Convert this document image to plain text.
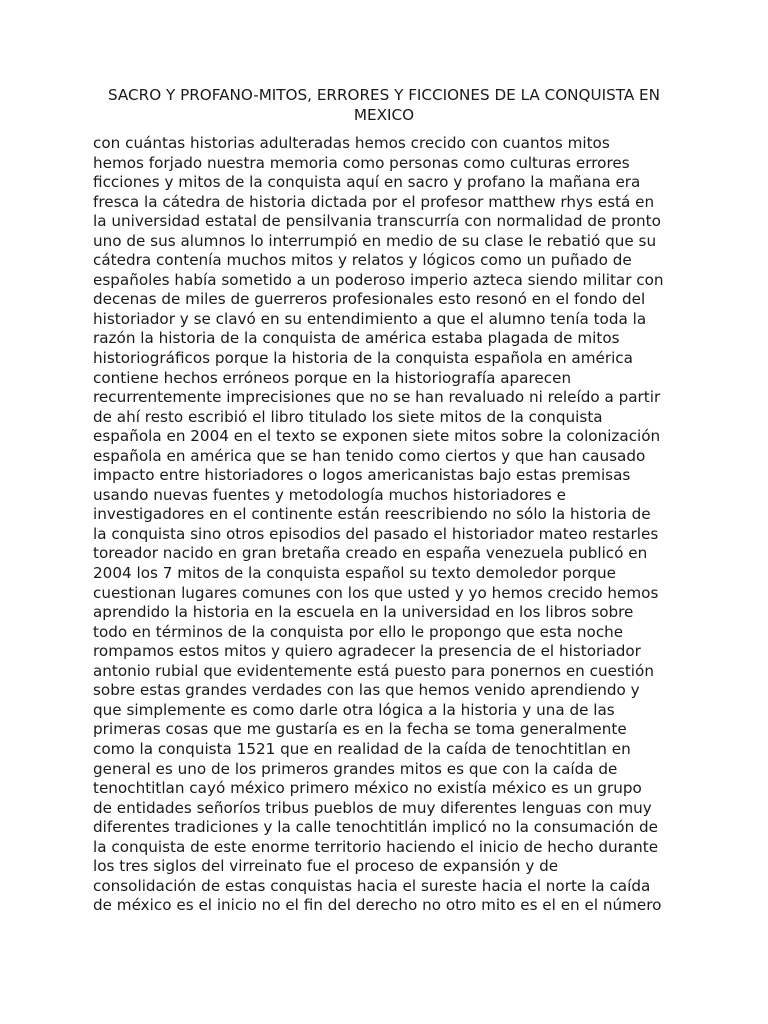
SACRO Y PROFANO-MITOS, ERRORES Y FICCIONES DE LA CONQUISTA EN MEXICO
con cuántas historias adulteradas hemos crecido con cuantos mitos
hemos forjado nuestra memoria como personas como culturas errores
ficciones y mitos de la conquista aquí en sacro y profano la mañana era
fresca la cátedra de historia dictada por el profesor matthew rhys está en
la universidad estatal de pensilvania transcurría con normalidad de pronto
uno de sus alumnos lo interrumpió en medio de su clase le rebatió que su
cátedra contenía muchos mitos y relatos y lógicos como un puñado de
españoles había sometido a un poderoso imperio azteca siendo militar con
decenas de miles de guerreros profesionales esto resonó en el fondo del
historiador y se clavó en su entendimiento a que el alumno tenía toda la
razón la historia de la conquista de américa estaba plagada de mitos
historiográficos porque la historia de la conquista española en américa
contiene hechos erróneos porque en la historiografía aparecen
recurrentemente imprecisiones que no se han revaluado ni releído a partir
de ahí resto escribió el libro titulado los siete mitos de la conquista
española en 2004 en el texto se exponen siete mitos sobre la colonización
española en américa que se han tenido como ciertos y que han causado
impacto entre historiadores o logos americanistas bajo estas premisas
usando nuevas fuentes y metodología muchos historiadores e
investigadores en el continente están reescribiendo no sólo la historia de
la conquista sino otros episodios del pasado el historiador mateo restarles
toreador nacido en gran bretaña creado en españa venezuela publicó en
2004 los 7 mitos de la conquista español su texto demoledor porque
cuestionan lugares comunes con los que usted y yo hemos crecido hemos
aprendido la historia en la escuela en la universidad en los libros sobre
todo en términos de la conquista por ello le propongo que esta noche
rompamos estos mitos y quiero agradecer la presencia de el historiador
antonio rubial que evidentemente está puesto para ponernos en cuestión
sobre estas grandes verdades con las que hemos venido aprendiendo y
que simplemente es como darle otra lógica a la historia y una de las
primeras cosas que me gustaría es en la fecha se toma generalmente
como la conquista 1521 que en realidad de la caída de tenochtitlan en
general es uno de los primeros grandes mitos es que con la caída de
tenochtitlan cayó méxico primero méxico no existía méxico es un grupo
de entidades señoríos tribus pueblos de muy diferentes lenguas con muy
diferentes tradiciones y la calle tenochtitlán implicó no la consumación de
la conquista de este enorme territorio haciendo el inicio de hecho durante
los tres siglos del virreinato fue el proceso de expansión y de
consolidación de estas conquistas hacia el sureste hacia el norte la caída
de méxico es el inicio no el fin del derecho no otro mito es el en el número
